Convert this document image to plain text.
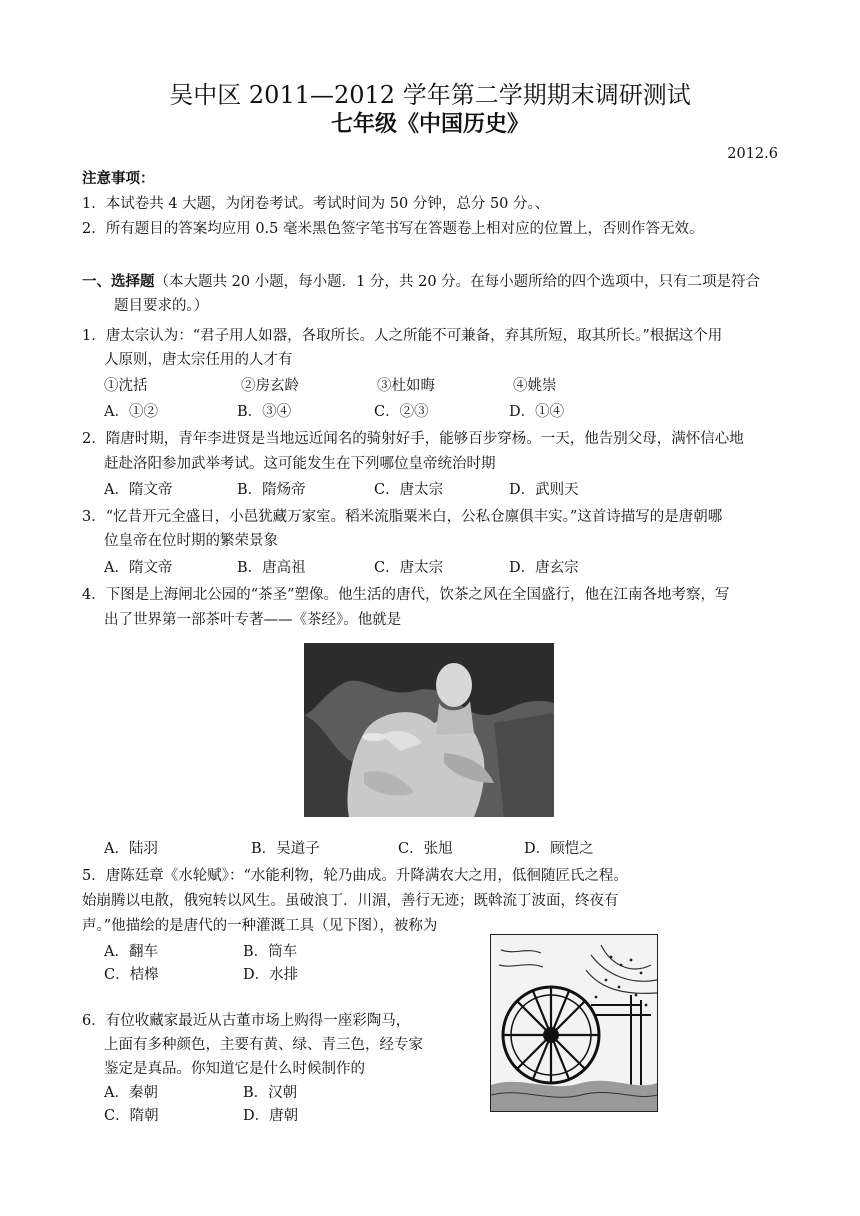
吴中区 2011—2012 学年第二学期期末调研测试
七年级《中国历史》
2012.6
注意事项：
1．本试卷共 4 大题，为闭卷考试。考试时间为 50 分钟，总分 50 分。、
2．所有题目的答案均应用 0.5 毫米黑色签字笔书写在答题卷上相对应的位置上，否则作答无效。
一、选择题（本大题共 20 小题，每小题．1 分，共 20 分。在每小题所给的四个选项中，只有二项是符合
题目要求的。）
1．唐太宗认为：“君子用人如器，各取所长。人之所能不可兼备，弃其所短，取其所长。”根据这个用
人原则，唐太宗任用的人才有
①沈括	②房玄龄	③杜如晦	④姚崇
A．①②	B．③④	C．②③	D．①④
2．隋唐时期，青年李进贤是当地远近闻名的骑射好手，能够百步穿杨。一天，他告别父母，满怀信心地
赶赴洛阳参加武举考试。这可能发生在下列哪位皇帝统治时期
A．隋文帝	B．隋炀帝	C．唐太宗	D．武则天
3．“忆昔开元全盛日，小邑犹藏万家室。稻米流脂粟米白，公私仓廪俱丰实。”这首诗描写的是唐朝哪
位皇帝在位时期的繁荣景象
A．隋文帝	B．唐高祖	C．唐太宗	D．唐玄宗
4．下图是上海闸北公园的“茶圣”塑像。他生活的唐代，饮茶之风在全国盛行，他在江南各地考察，写
出了世界第一部茶叶专著——《茶经》。他就是
A．陆羽	B．吴道子	C．张旭	D．顾恺之
5．唐陈廷章《水轮赋》：“水能利物，轮乃曲成。升降满农大之用，低徊随匠氏之程。
始崩腾以电散，俄宛转以风生。虽破浪丁．川湄，善行无迹；既斡流丁波面，终夜有
声。”他描绘的是唐代的一种灌溉工具（见下图），被称为
A．翻车	B．筒车
C．桔槔	D．水排
6．有位收藏家最近从古董市场上购得一座彩陶马，
上面有多种颜色，主要有黄、绿、青三色，经专家
鉴定是真品。你知道它是什么时候制作的
A．秦朝	B．汉朝
C．隋朝	D．唐朝
